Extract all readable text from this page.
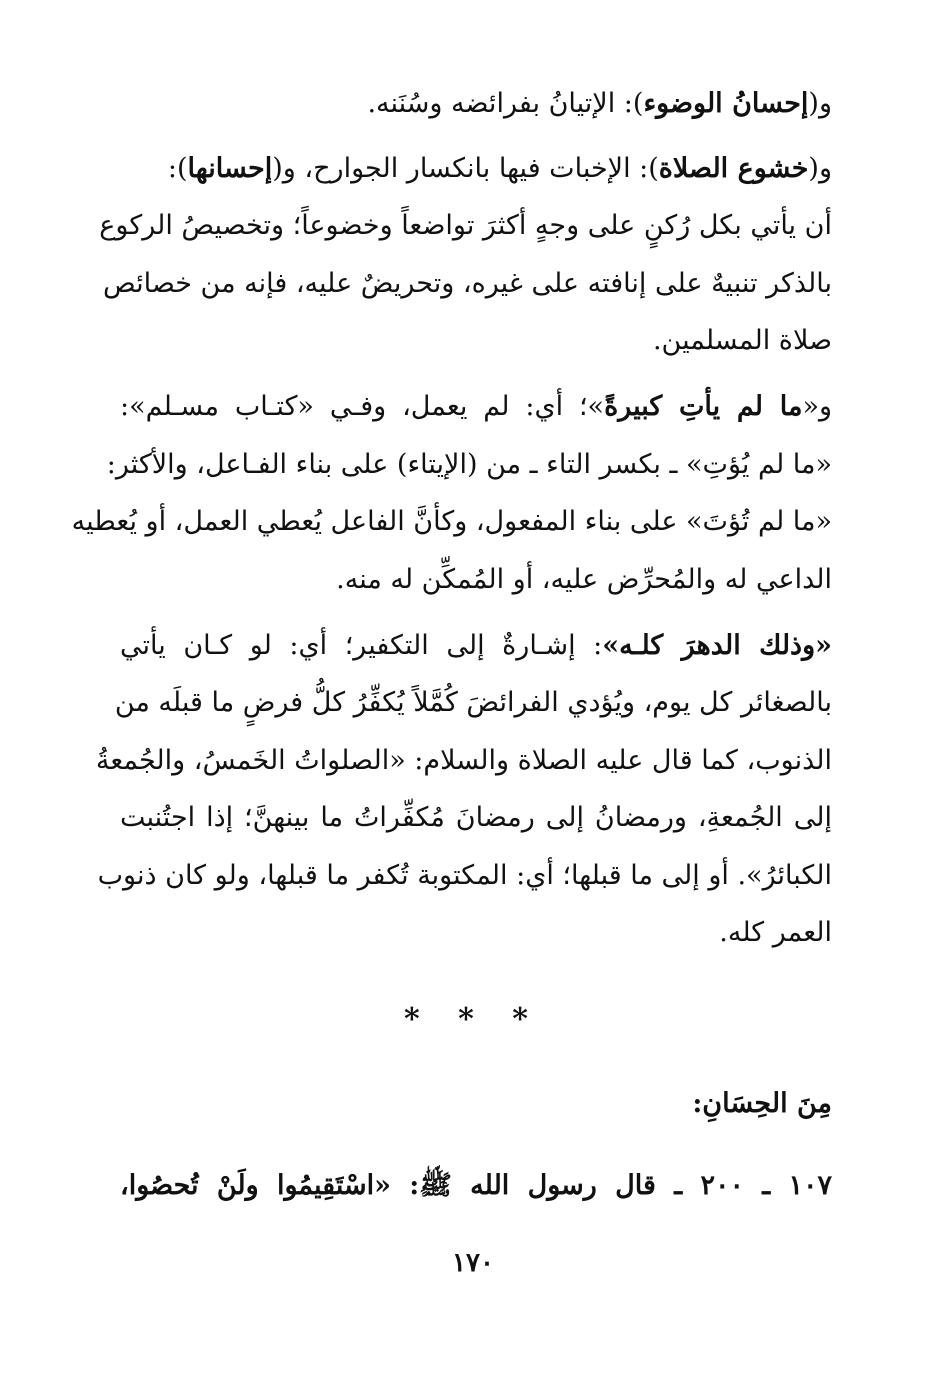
و(إحسانُ الوضوء): الإتيانُ بفرائضه وسُنَنه.
و(خشوع الصلاة): الإخبات فيها بانكسار الجوارح، و(إحسانها):
أن يأتي بكل رُكنٍ على وجهٍ أكثرَ تواضعاً وخضوعاً؛ وتخصيصُ الركوع
بالذكر تنبيهٌ على إنافته على غيره، وتحريضٌ عليه، فإنه من خصائص
صلاة المسلمين.
و«ما لم يأتِ كبيرةً»؛ أي: لم يعمل، وفـي «كتـاب مسـلم»:
«ما لم يُؤتِ» ـ بكسر التاء ـ من (الإيتاء) على بناء الفـاعل، والأكثر:
«ما لم تُؤتَ» على بناء المفعول، وكأنَّ الفاعل يُعطي العمل، أو يُعطيه
الداعي له والمُحرِّض عليه، أو المُمكِّن له منه.
«وذلك الدهرَ كلـه»: إشـارةٌ إلى التكفير؛ أي: لو كـان يأتي
بالصغائر كل يوم، ويُؤدي الفرائضَ كُمَّلاً يُكفِّرُ كلُّ فرضٍ ما قبلَه من
الذنوب، كما قال عليه الصلاة والسلام: «الصلواتُ الخَمسُ، والجُمعةُ
إلى الجُمعةِ، ورمضانُ إلى رمضانَ مُكفِّراتُ ما بينهنَّ؛ إذا اجتُنبت
الكبائرُ». أو إلى ما قبلها؛ أي: المكتوبة تُكفر ما قبلها، ولو كان ذنوب
العمر كله.
* * *
مِنَ الحِسَانِ:
١٠٧ ـ ٢٠٠ ـ قال رسول الله ﷺ: «اسْتَقِيمُوا ولَنْ تُحصُوا،
١٧٠
